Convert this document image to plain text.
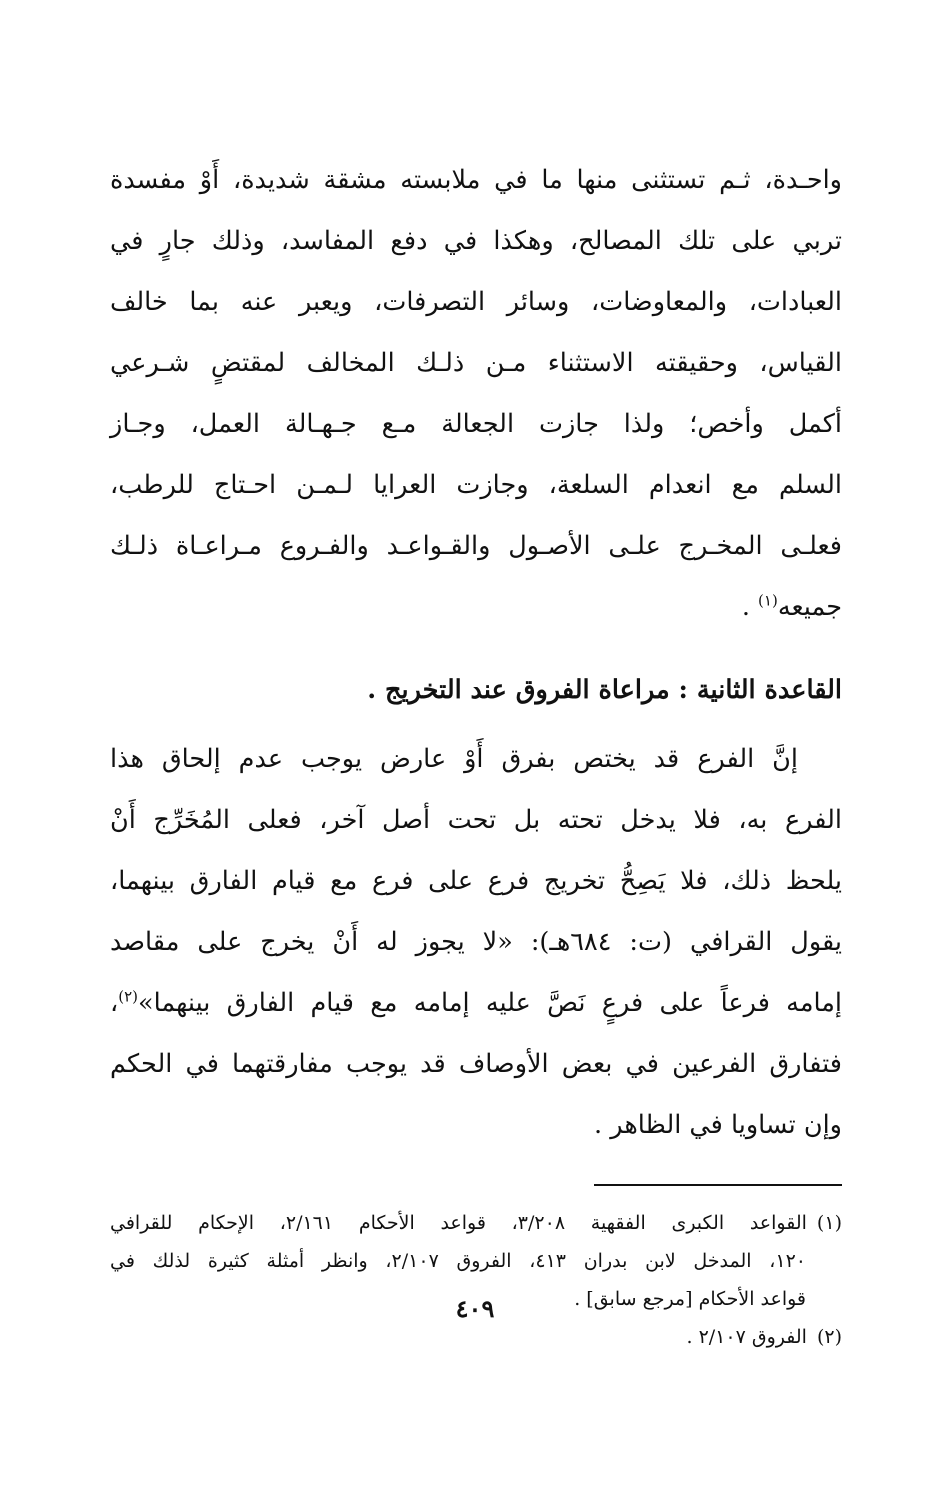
واحـدة، ثـم تستثنى منها ما في ملابسته مشقة شديدة، أَوْ مفسدة
تربي على تلك المصالح، وهكذا في دفع المفاسد، وذلك جارٍ في
العبادات، والمعاوضات، وسائر التصرفات، ويعبر عنه بما خالف
القياس، وحقيقته الاستثناء مـن ذلـك المخالف لمقتضٍ شـرعي
أكمل وأخص؛ ولذا جازت الجعالة مـع جـهـالة العمل، وجـاز
السلم مع انعدام السلعة، وجازت العرايا لـمـن احـتاج للرطب،
فعلـى المخـرج علـى الأصـول والقـواعـد والفـروع مـراعـاة ذلـك
جميعه$^{(١)}$ .

القاعدة الثانية : مراعاة الفروق عند التخريج .

إنَّ الفرع قد يختص بفرق أَوْ عارض يوجب عدم إلحاق هذا
الفرع به، فلا يدخل تحته بل تحت أصل آخر، فعلى المُخَرِّج أَنْ
يلحظ ذلك، فلا يَصِحُّ تخريج فرع على فرع مع قيام الفارق بينهما،
يقول القرافي (ت: ٦٨٤هـ): «لا يجوز له أَنْ يخرج على مقاصد
إمامه فرعاً على فرعٍ نَصَّ عليه إمامه مع قيام الفارق بينهما»$^{(٢)}$،
فتفارق الفرعين في بعض الأوصاف قد يوجب مفارقتهما في الحكم
وإن تساويا في الظاهر .

(١)القواعد الكبرى الفقهية ٣/٢٠٨، قواعد الأحكام ٢/١٦١، الإحكام للقرافي
١٢٠، المدخل لابن بدران ٤١٣، الفروق ٢/١٠٧، وانظر أمثلة كثيرة لذلك في
قواعد الأحكام [مرجع سابق] .

(٢)الفروق ٢/١٠٧ .

٤٠٩
